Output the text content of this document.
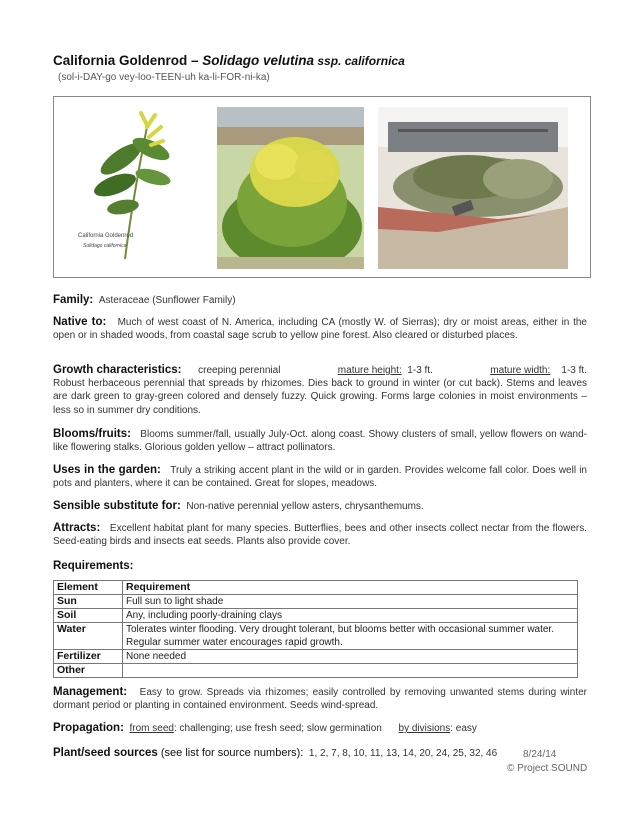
California Goldenrod – Solidago velutina ssp. californica
(sol-i-DAY-go vey-loo-TEEN-uh ka-li-FOR-ni-ka)
California Goldenrod
Solidago californica
Family: Asteraceae (Sunflower Family)
Native to: Much of west coast of N. America, including CA (mostly W. of Sierras); dry or moist areas, either in the open or in shaded woods, from coastal sage scrub to yellow pine forest. Also cleared or disturbed places.
Growth characteristics: creeping perennial	mature height: 1-3 ft.	mature width: 1-3 ft.
Robust herbaceous perennial that spreads by rhizomes. Dies back to ground in winter (or cut back). Stems and leaves are dark green to gray-green colored and densely fuzzy. Quick growing. Forms large colonies in moist environments – less so in summer dry conditions.
Blooms/fruits: Blooms summer/fall, usually July-Oct. along coast. Showy clusters of small, yellow flowers on wand-like flowering stalks. Glorious golden yellow – attract pollinators.
Uses in the garden: Truly a striking accent plant in the wild or in garden. Provides welcome fall color. Does well in pots and planters, where it can be contained. Great for slopes, meadows.
Sensible substitute for: Non-native perennial yellow asters, chrysanthemums.
Attracts: Excellent habitat plant for many species. Butterflies, bees and other insects collect nectar from the flowers. Seed-eating birds and insects eat seeds. Plants also provide cover.
Requirements:
Element	Requirement
Sun	Full sun to light shade
Soil	Any, including poorly-draining clays
Water	Tolerates winter flooding. Very drought tolerant, but blooms better with occasional summer water. Regular summer water encourages rapid growth.
Fertilizer	None needed
Other	
Management: Easy to grow. Spreads via rhizomes; easily controlled by removing unwanted stems during winter dormant period or planting in contained environment. Seeds wind-spread.
Propagation: from seed: challenging; use fresh seed; slow germination by divisions: easy
Plant/seed sources (see list for source numbers): 1, 2, 7, 8, 10, 11, 13, 14, 20, 24, 25, 32, 46	8/24/14
© Project SOUND
